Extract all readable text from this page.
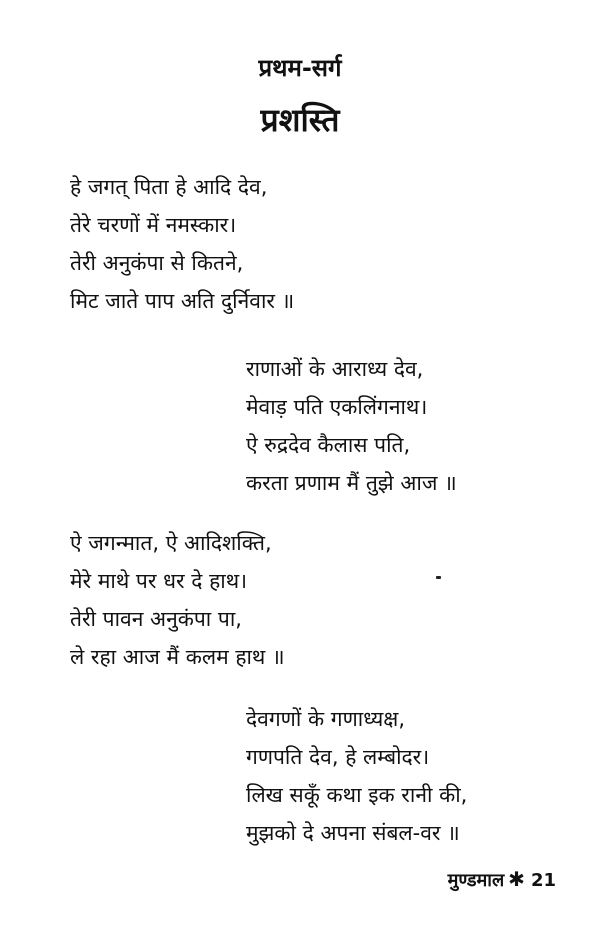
प्रथम-सर्ग
प्रशस्ति
हे जगत् पिता हे आदि देव,
तेरे चरणों में नमस्कार।
तेरी अनुकंपा से कितने,
मिट जाते पाप अति दुर्निवार ॥
राणाओं के आराध्य देव,
मेवाड़ पति एकलिंगनाथ।
ऐ रुद्रदेव कैलास पति,
करता प्रणाम मैं तुझे आज ॥
ऐ जगन्मात, ऐ आदिशक्ति,
मेरे माथे पर धर दे हाथ।
तेरी पावन अनुकंपा पा,
ले रहा आज मैं कलम हाथ ॥
देवगणों के गणाध्यक्ष,
गणपति देव, हे लम्बोदर।
लिख सकूँ कथा इक रानी की,
मुझको दे अपना संबल-वर ॥
मुण्डमाल ✱ 21
